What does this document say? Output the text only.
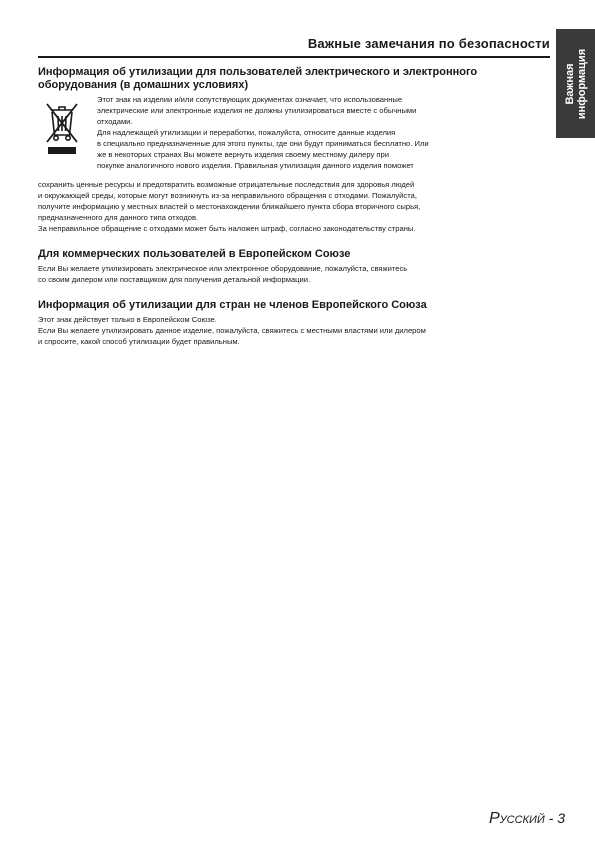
Важные замечания по безопасности
Важная информация
Информация об утилизации для пользователей электрического и электронного
оборудования (в домашних условиях)

Этот знак на изделии и/или сопутствующих документах означает, что использованные

электрические или электронные изделия не должны утилизироваться вместе с обычными

отходами.

Для надлежащей утилизации и переработки, пожалуйста, относите данные изделия

в специально предназначенные для этого пункты, где они будут приниматься бесплатно. Или

же в некоторых странах Вы можете вернуть изделия своему местному дилеру при

покупке аналогичного нового изделия. Правильная утилизация данного изделия поможет

сохранить ценные ресурсы и предотвратить возможные отрицательные последствия для здоровья людей

и окружающей среды, которые могут возникнуть из-за неправильного обращения с отходами. Пожалуйста,

получите информацию у местных властей о местонахождении ближайшего пункта сбора вторичного сырья,

предназначенного для данного типа отходов.

За неправильное обращение с отходами может быть наложен штраф, согласно законодательству страны.

Для коммерческих пользователей в Европейском Союзе

Если Вы желаете утилизировать электрическое или электронное оборудование, пожалуйста, свяжитесь

со своим дилером или поставщиком для получения детальной информации.

Информация об утилизации для стран не членов Европейского Союза

Этот знак действует только в Европейском Союзе.

Если Вы желаете утилизировать данное изделие, пожалуйста, свяжитесь с местными властями или дилером

и спросите, какой способ утилизации будет правильным.

Русский - 3
